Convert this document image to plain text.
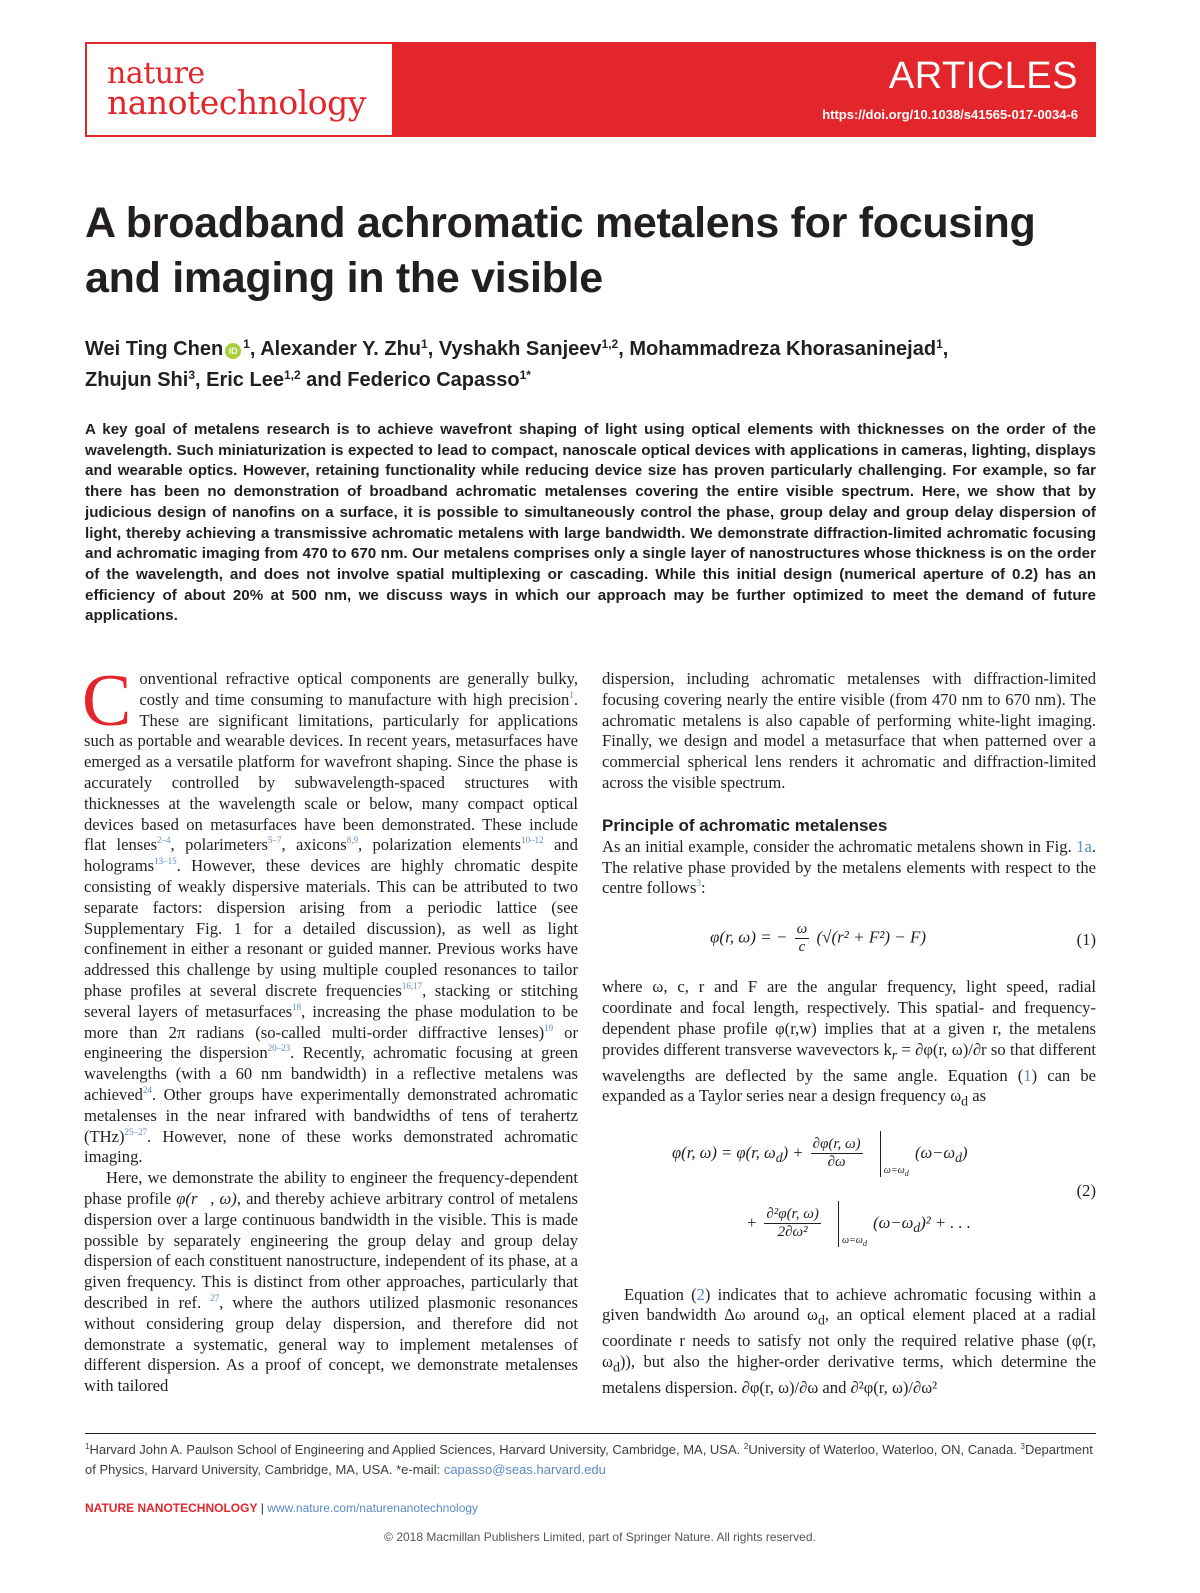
nature
nanotechnology
ARTICLES
https://doi.org/10.1038/s41565-017-0034-6
A broadband achromatic metalens for focusing and imaging in the visible
Wei Ting Chen iD $^1$, Alexander Y. Zhu$^1$, Vyshakh Sanjeev$^{1,2}$, Mohammadreza Khorasaninejad$^1$,
Zhujun Shi$^3$, Eric Lee$^{1,2}$ and Federico Capasso$^{1*}$

A key goal of metalens research is to achieve wavefront shaping of light using optical elements with thicknesses on the order of the wavelength. Such miniaturization is expected to lead to compact, nanoscale optical devices with applications in cameras, lighting, displays and wearable optics. However, retaining functionality while reducing device size has proven particularly challenging. For example, so far there has been no demonstration of broadband achromatic metalenses covering the entire visible spectrum. Here, we show that by judicious design of nanofins on a surface, it is possible to simultaneously control the phase, group delay and group delay dispersion of light, thereby achieving a transmissive achromatic metalens with large bandwidth. We demonstrate diffraction-limited achromatic focusing and achromatic imaging from 470 to 670 nm. Our metalens comprises only a single layer of nanostructures whose thickness is on the order of the wavelength, and does not involve spatial multiplexing or cascading. While this initial design (numerical aperture of 0.2) has an efficiency of about 20% at 500 nm, we discuss ways in which our approach may be further optimized to meet the demand of future applications.

Conventional refractive optical components are generally bulky, costly and time consuming to manufacture with high precision$^1$. These are significant limitations, particularly for applications such as portable and wearable devices. In recent years, metasurfaces have emerged as a versatile platform for wavefront shaping. Since the phase is accurately controlled by subwavelength-spaced structures with thicknesses at the wavelength scale or below, many compact optical devices based on metasurfaces have been demonstrated. These include flat lenses$^{2-4}$, polarimeters$^{5-7}$, axicons$^{8,9}$, polarization elements$^{10-12}$ and holograms$^{13-15}$. However, these devices are highly chromatic despite consisting of weakly dispersive materials. This can be attributed to two separate factors: dispersion arising from a periodic lattice (see Supplementary Fig. 1 for a detailed discussion), as well as light confinement in either a resonant or guided manner. Previous works have addressed this challenge by using multiple coupled resonances to tailor phase profiles at several discrete frequencies$^{16,17}$, stacking or stitching several layers of metasurfaces$^{18}$, increasing the phase modulation to be more than 2π radians (so-called multi-order diffractive lenses)$^{19}$ or engineering the dispersion$^{20-23}$. Recently, achromatic focusing at green wavelengths (with a 60 nm bandwidth) in a reflective metalens was achieved$^{24}$. Other groups have experimentally demonstrated achromatic metalenses in the near infrared with bandwidths of tens of terahertz (THz)$^{25-27}$. However, none of these works demonstrated achromatic imaging.

Here, we demonstrate the ability to engineer the frequency-dependent phase profile φ(r⃗, ω), and thereby achieve arbitrary control of metalens dispersion over a large continuous bandwidth in the visible. This is made possible by separately engineering the group delay and group delay dispersion of each constituent nanostructure, independent of its phase, at a given frequency. This is distinct from other approaches, particularly that described in ref. $^{27}$, where the authors utilized plasmonic resonances without considering group delay dispersion, and therefore did not demonstrate a systematic, general way to implement metalenses of different dispersion. As a proof of concept, we demonstrate metalenses with tailored

dispersion, including achromatic metalenses with diffraction-limited focusing covering nearly the entire visible (from 470 nm to 670 nm). The achromatic metalens is also capable of performing white-light imaging. Finally, we design and model a metasurface that when patterned over a commercial spherical lens renders it achromatic and diffraction-limited across the visible spectrum.

Principle of achromatic metalenses

As an initial example, consider the achromatic metalens shown in Fig. 1a. The relative phase provided by the metalens elements with respect to the centre follows$^3$:

φ(r, ω) = − $\frac{\omega}{c} (√(r^2 + F^2) - F)$	(1)

where ω, c, r and F are the angular frequency, light speed, radial coordinate and focal length, respectively. This spatial- and frequency-dependent phase profile φ(r,w) implies that at a given r, the metalens provides different transverse wavevectors $k_r = \partial\varphi(r$, ω)/∂r so that different wavelengths are deflected by the same angle. Equation (1) can be expanded as a Taylor series near a design frequency $\omega_d$ as

φ(r, ω) = φ(r, $\omega_d) + \frac{\partial\varphi(r, \omega)}{\partial\omega}$
$\omega=\omega_d$
$(\omega-\omega_d)$
+ $\frac{\text{∂²φ(r, ω)}}{\text{2∂ω²}}$
$\omega=\omega_d$
$(\omega-\omega_d)^2$ + . . .
(2)

Equation (2) indicates that to achieve achromatic focusing within a given bandwidth Δω around $\omega_d$, an optical element placed at a radial coordinate r needs to satisfy not only the required relative phase (φ(r, $\omega_d$)), but also the higher-order derivative terms, which determine the metalens dispersion. ∂φ(r, ω)/∂ω and ∂²φ(r, ω)/∂ω²

$^1$Harvard John A. Paulson School of Engineering and Applied Sciences, Harvard University, Cambridge, MA, USA. $^2$University of Waterloo, Waterloo, ON, Canada. $^3$Department of Physics, Harvard University, Cambridge, MA, USA. *e-mail: capasso@seas.harvard.edu
NATURE NANOTECHNOLOGY | www.nature.com/naturenanotechnology
© 2018 Macmillan Publishers Limited, part of Springer Nature. All rights reserved.
